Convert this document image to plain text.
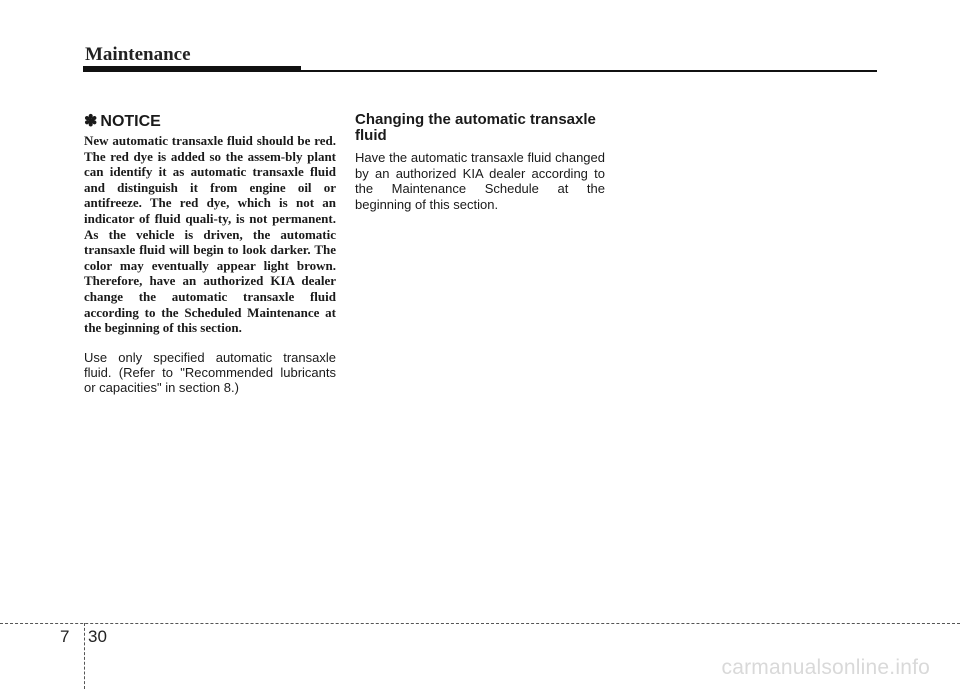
Maintenance

✽ NOTICE

New automatic transaxle fluid should be red. The red dye is added so the assem-bly plant can identify it as automatic transaxle fluid and distinguish it from engine oil or antifreeze. The red dye, which is not an indicator of fluid quali-ty, is not permanent. As the vehicle is driven, the automatic transaxle fluid will begin to look darker. The color may eventually appear light brown. Therefore, have an authorized KIA dealer change the automatic transaxle fluid according to the Scheduled Maintenance at the beginning of this section.

Use only specified automatic transaxle fluid. (Refer to "Recommended lubricants or capacities" in section 8.)

Changing the automatic transaxle fluid

Have the automatic transaxle fluid changed by an authorized KIA dealer according to the Maintenance Schedule at the beginning of this section.

7 30
carmanualsonline.info
